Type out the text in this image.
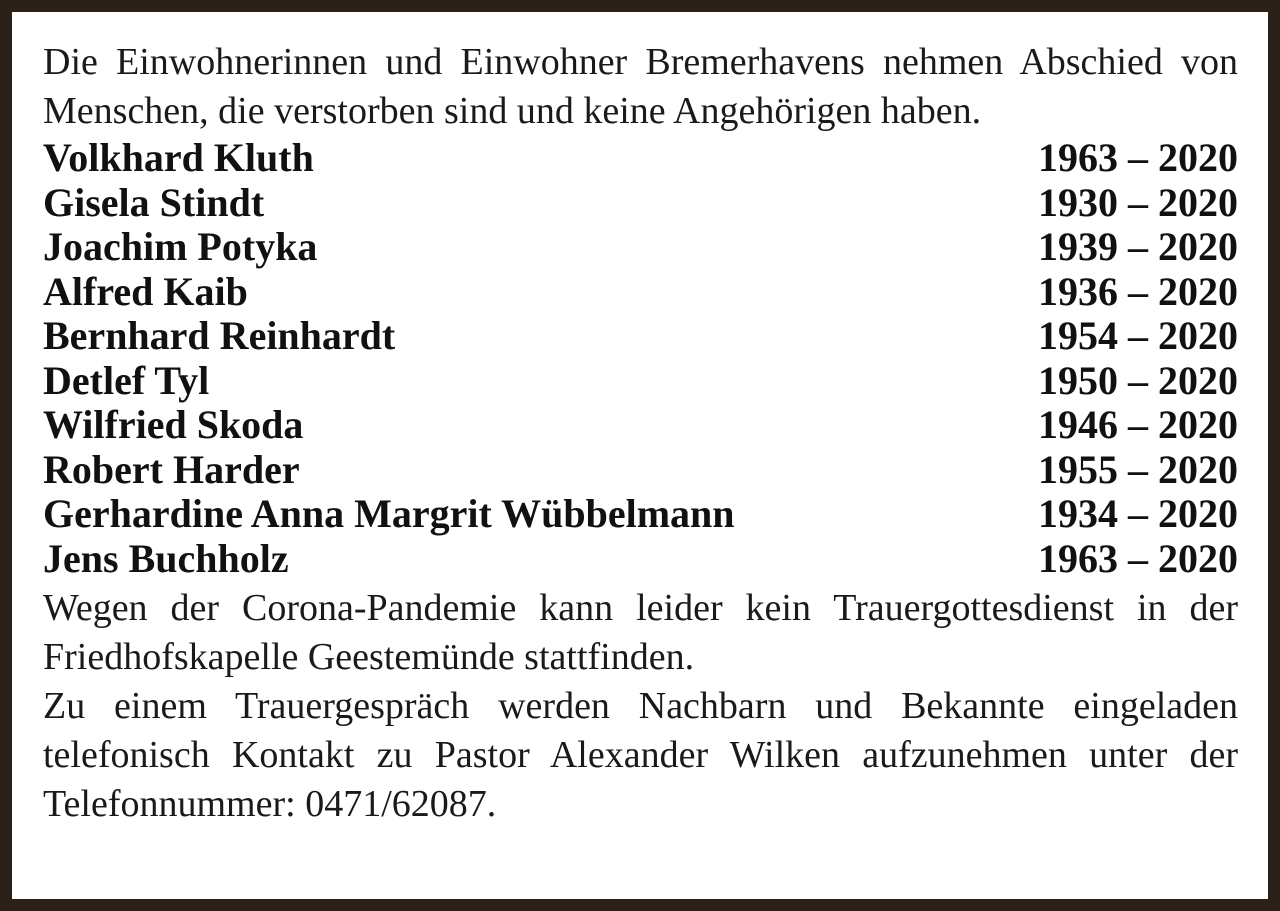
Die Einwohnerinnen und Einwohner Bremerhavens nehmen Abschied von Menschen, die verstorben sind und keine Angehörigen haben.

Volkhard Kluth	1963 – 2020
Gisela Stindt	1930 – 2020
Joachim Potyka	1939 – 2020
Alfred Kaib	1936 – 2020
Bernhard Reinhardt	1954 – 2020
Detlef Tyl	1950 – 2020
Wilfried Skoda	1946 – 2020
Robert Harder	1955 – 2020
Gerhardine Anna Margrit Wübbelmann	1934 – 2020
Jens Buchholz	1963 – 2020

Wegen der Corona-Pandemie kann leider kein Trauergottesdienst in der Friedhofskapelle Geestemünde stattfinden.

Zu einem Trauergespräch werden Nachbarn und Bekannte eingeladen telefonisch Kontakt zu Pastor Alexander Wilken aufzunehmen unter der Telefonnummer: 0471/62087.
